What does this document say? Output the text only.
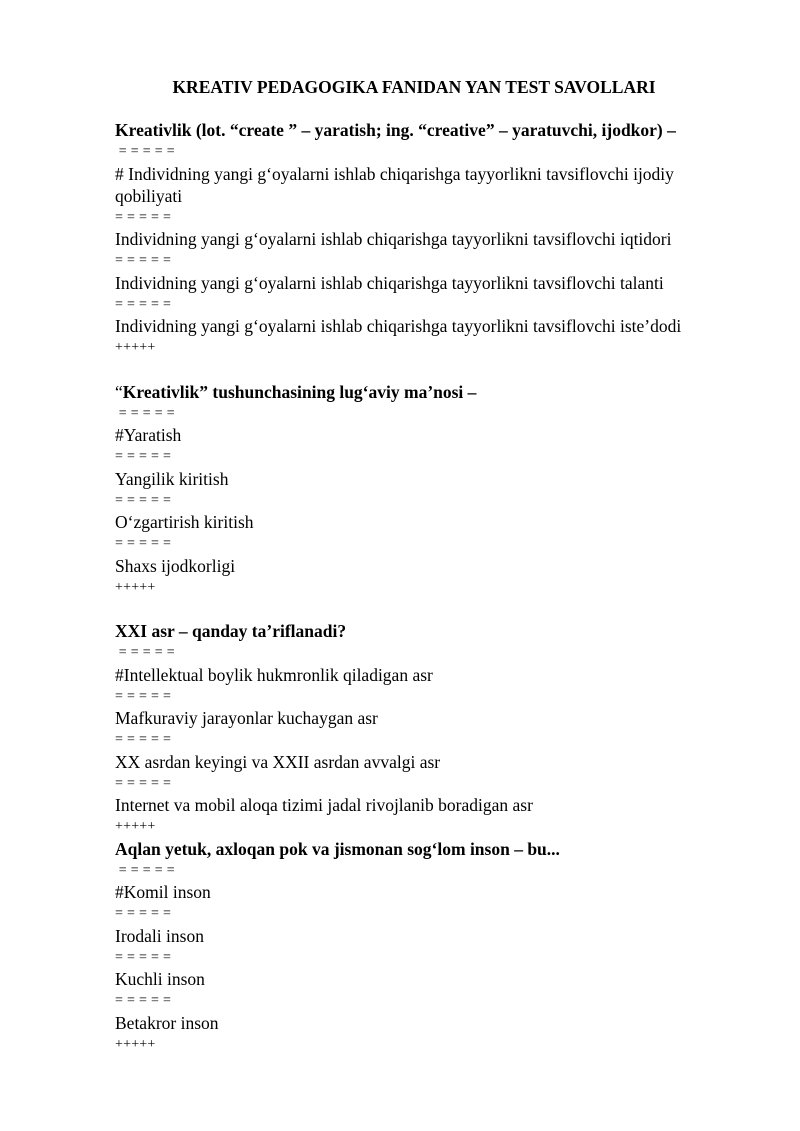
KREATIV PEDAGOGIKA FANIDAN YAN TEST SAVOLLARI
Kreativlik (lot. “create ” – yaratish; ing. “creative” – yaratuvchi, ijodkor) –
= = = = =
# Individning yangi g‘oyalarni ishlab chiqarishga tayyorlikni tavsiflovchi ijodiy qobiliyati
= = = = =
Individning yangi g‘oyalarni ishlab chiqarishga tayyorlikni tavsiflovchi iqtidori
= = = = =
Individning yangi g‘oyalarni ishlab chiqarishga tayyorlikni tavsiflovchi talanti
= = = = =
Individning yangi g‘oyalarni ishlab chiqarishga tayyorlikni tavsiflovchi iste’dodi
+++++
“Kreativlik” tushunchasining lug‘aviy ma’nosi –
= = = = =
#Yaratish
= = = = =
Yangilik kiritish
= = = = =
O‘zgartirish kiritish
= = = = =
Shaxs ijodkorligi
+++++
XXI asr – qanday ta’riflanadi?
= = = = =
#Intellektual boylik hukmronlik qiladigan asr
= = = = =
Mafkuraviy jarayonlar kuchaygan asr
= = = = =
XX asrdan keyingi va XXII asrdan avvalgi asr
= = = = =
Internet va mobil aloqa tizimi jadal rivojlanib boradigan asr
+++++
Aqlan yetuk, axloqan pok va jismonan sog‘lom inson – bu...
= = = = =
#Komil inson
= = = = =
Irodali inson
= = = = =
Kuchli inson
= = = = =
Betakror inson
+++++
